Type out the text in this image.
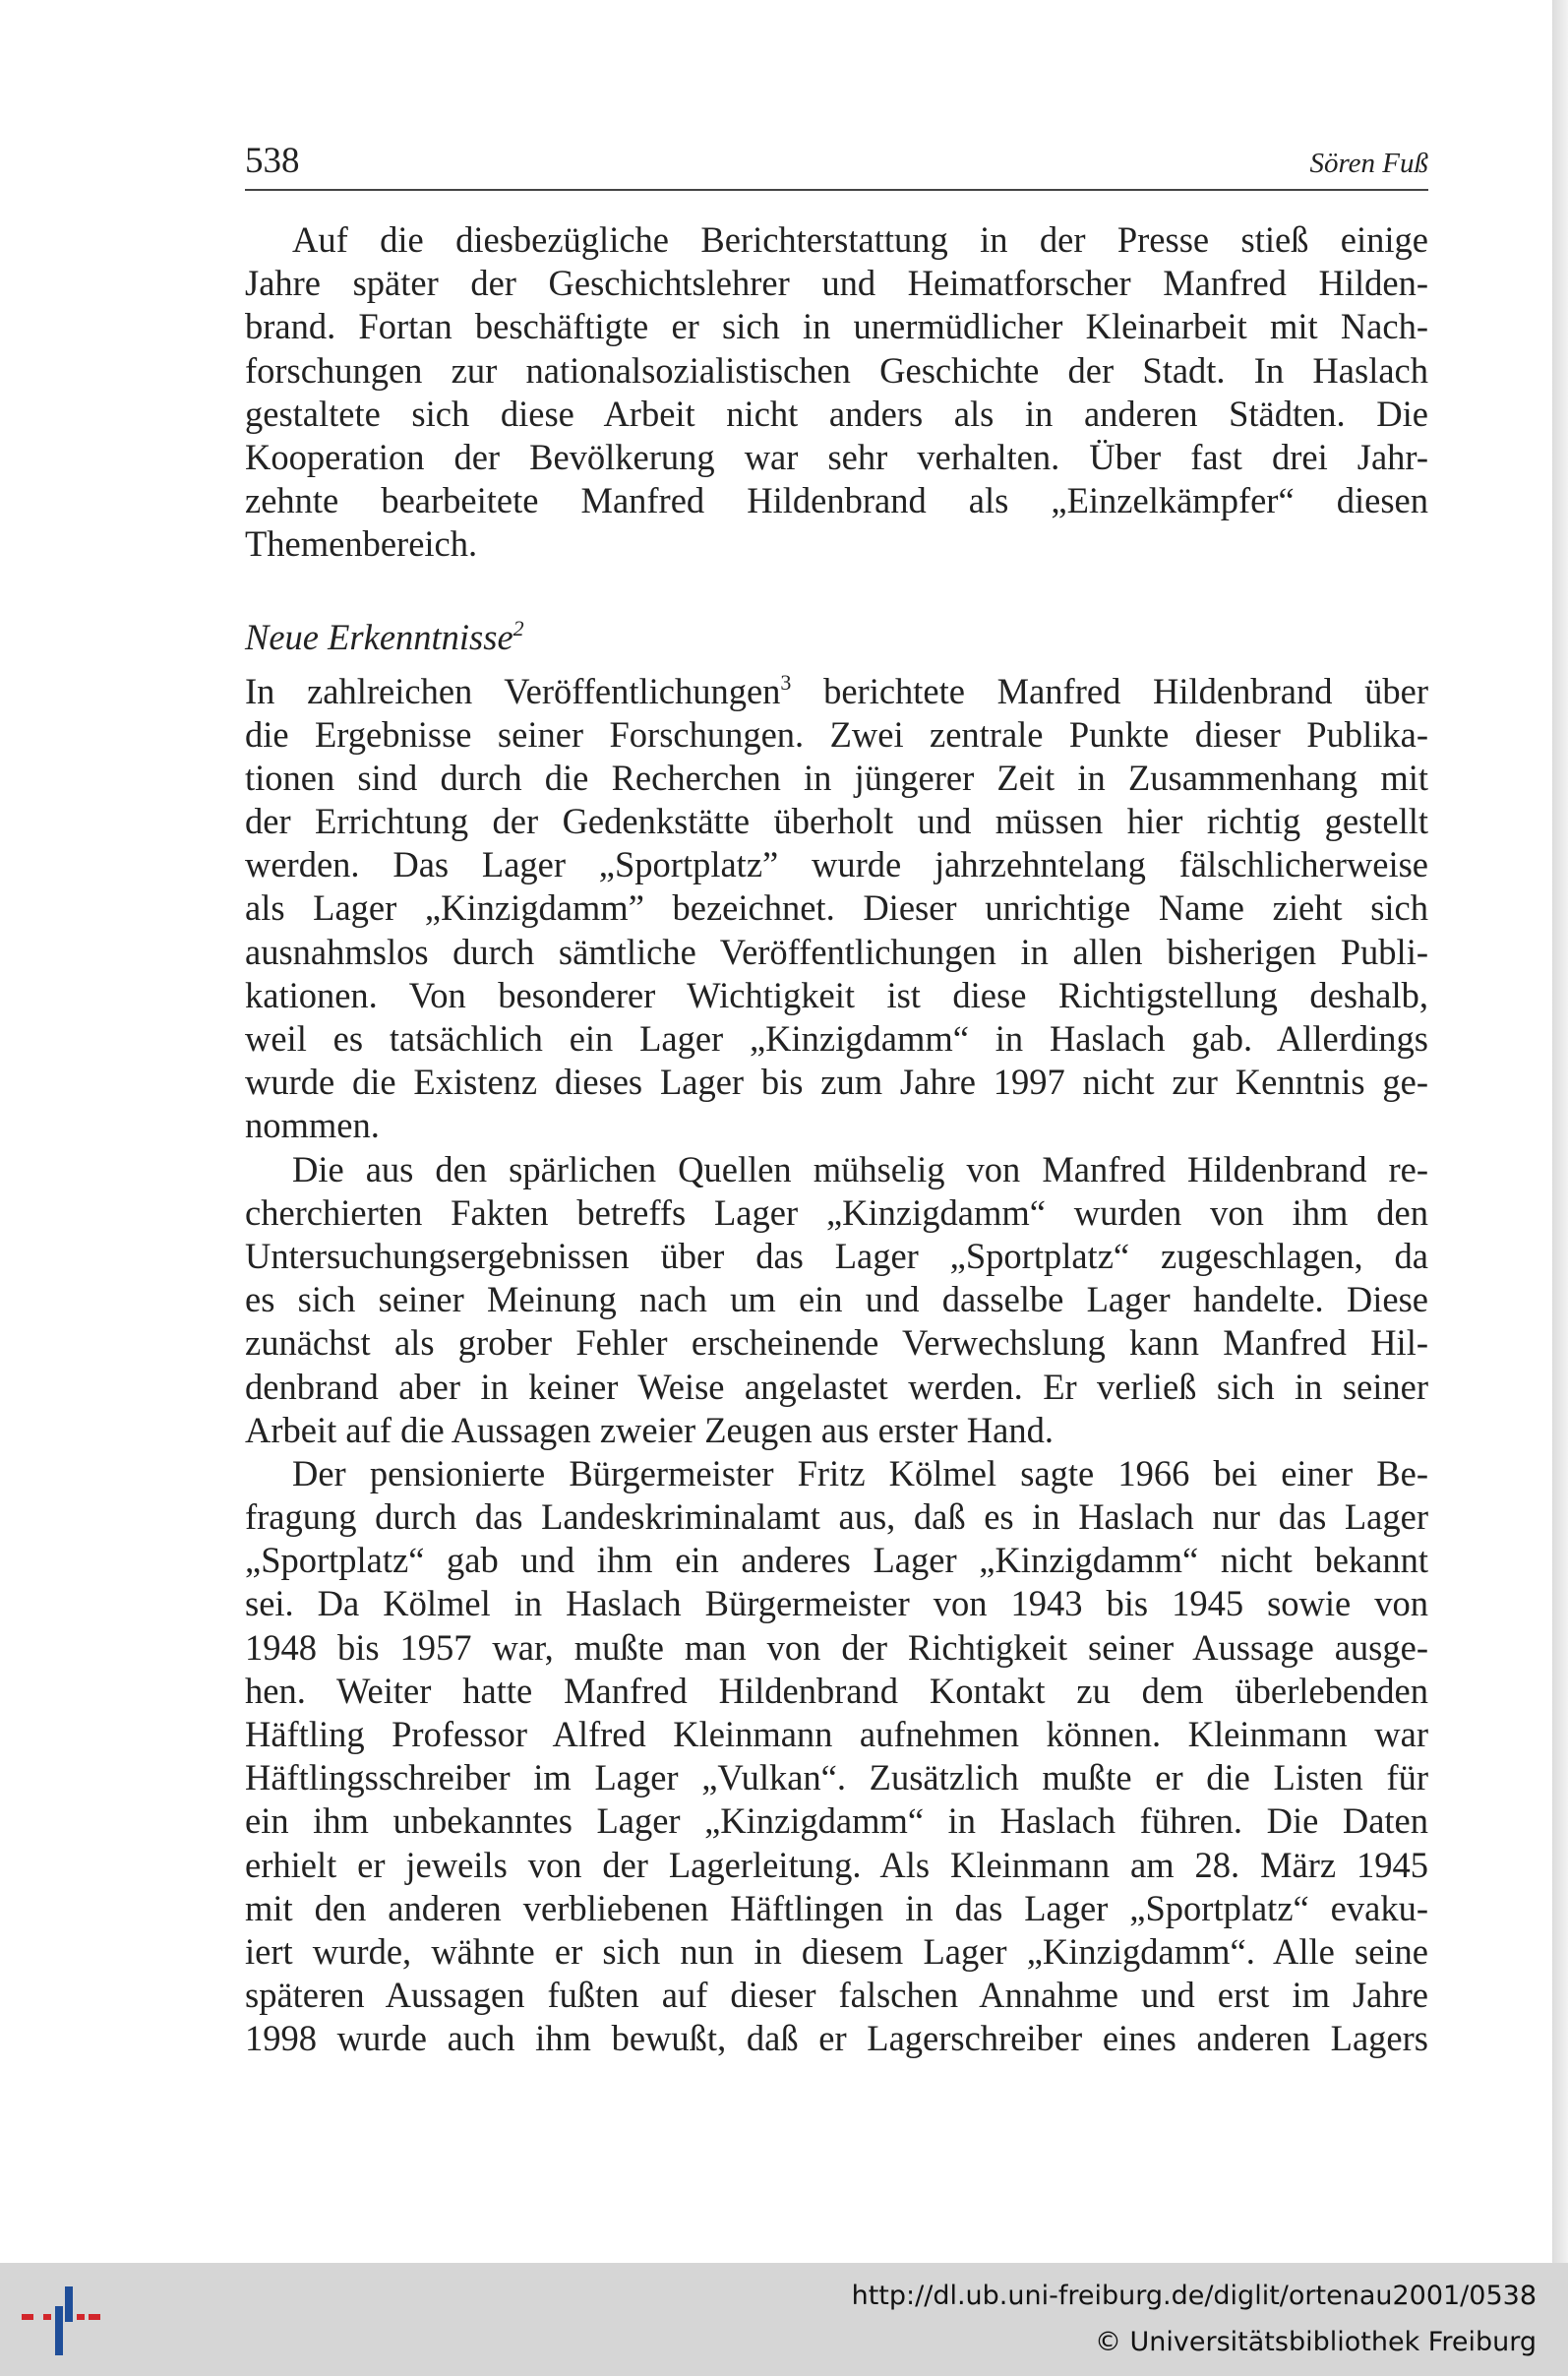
538	Sören Fuß
Auf die diesbezügliche Berichterstattung in der Presse stieß einige
Jahre später der Geschichtslehrer und Heimatforscher Manfred Hilden-
brand. Fortan beschäftigte er sich in unermüdlicher Kleinarbeit mit Nach-
forschungen zur nationalsozialistischen Geschichte der Stadt. In Haslach
gestaltete sich diese Arbeit nicht anders als in anderen Städten. Die
Kooperation der Bevölkerung war sehr verhalten. Über fast drei Jahr-
zehnte bearbeitete Manfred Hildenbrand als „Einzelkämpfer“ diesen
Themenbereich.
Neue Erkenntnisse$^2$
In zahlreichen Veröffentlichungen$^3$ berichtete Manfred Hildenbrand über
die Ergebnisse seiner Forschungen. Zwei zentrale Punkte dieser Publika-
tionen sind durch die Recherchen in jüngerer Zeit in Zusammenhang mit
der Errichtung der Gedenkstätte überholt und müssen hier richtig gestellt
werden. Das Lager „Sportplatz” wurde jahrzehntelang fälschlicherweise
als Lager „Kinzigdamm” bezeichnet. Dieser unrichtige Name zieht sich
ausnahmslos durch sämtliche Veröffentlichungen in allen bisherigen Publi-
kationen. Von besonderer Wichtigkeit ist diese Richtigstellung deshalb,
weil es tatsächlich ein Lager „Kinzigdamm“ in Haslach gab. Allerdings
wurde die Existenz dieses Lager bis zum Jahre 1997 nicht zur Kenntnis ge-
nommen.
Die aus den spärlichen Quellen mühselig von Manfred Hildenbrand re-
cherchierten Fakten betreffs Lager „Kinzigdamm“ wurden von ihm den
Untersuchungsergebnissen über das Lager „Sportplatz“ zugeschlagen, da
es sich seiner Meinung nach um ein und dasselbe Lager handelte. Diese
zunächst als grober Fehler erscheinende Verwechslung kann Manfred Hil-
denbrand aber in keiner Weise angelastet werden. Er verließ sich in seiner
Arbeit auf die Aussagen zweier Zeugen aus erster Hand.
Der pensionierte Bürgermeister Fritz Kölmel sagte 1966 bei einer Be-
fragung durch das Landeskriminalamt aus, daß es in Haslach nur das Lager
„Sportplatz“ gab und ihm ein anderes Lager „Kinzigdamm“ nicht bekannt
sei. Da Kölmel in Haslach Bürgermeister von 1943 bis 1945 sowie von
1948 bis 1957 war, mußte man von der Richtigkeit seiner Aussage ausge-
hen. Weiter hatte Manfred Hildenbrand Kontakt zu dem überlebenden
Häftling Professor Alfred Kleinmann aufnehmen können. Kleinmann war
Häftlingsschreiber im Lager „Vulkan“. Zusätzlich mußte er die Listen für
ein ihm unbekanntes Lager „Kinzigdamm“ in Haslach führen. Die Daten
erhielt er jeweils von der Lagerleitung. Als Kleinmann am 28. März 1945
mit den anderen verbliebenen Häftlingen in das Lager „Sportplatz“ evaku-
iert wurde, wähnte er sich nun in diesem Lager „Kinzigdamm“. Alle seine
späteren Aussagen fußten auf dieser falschen Annahme und erst im Jahre
1998 wurde auch ihm bewußt, daß er Lagerschreiber eines anderen Lagers
http://dl.ub.uni-freiburg.de/diglit/ortenau2001/0538
© Universitätsbibliothek Freiburg
